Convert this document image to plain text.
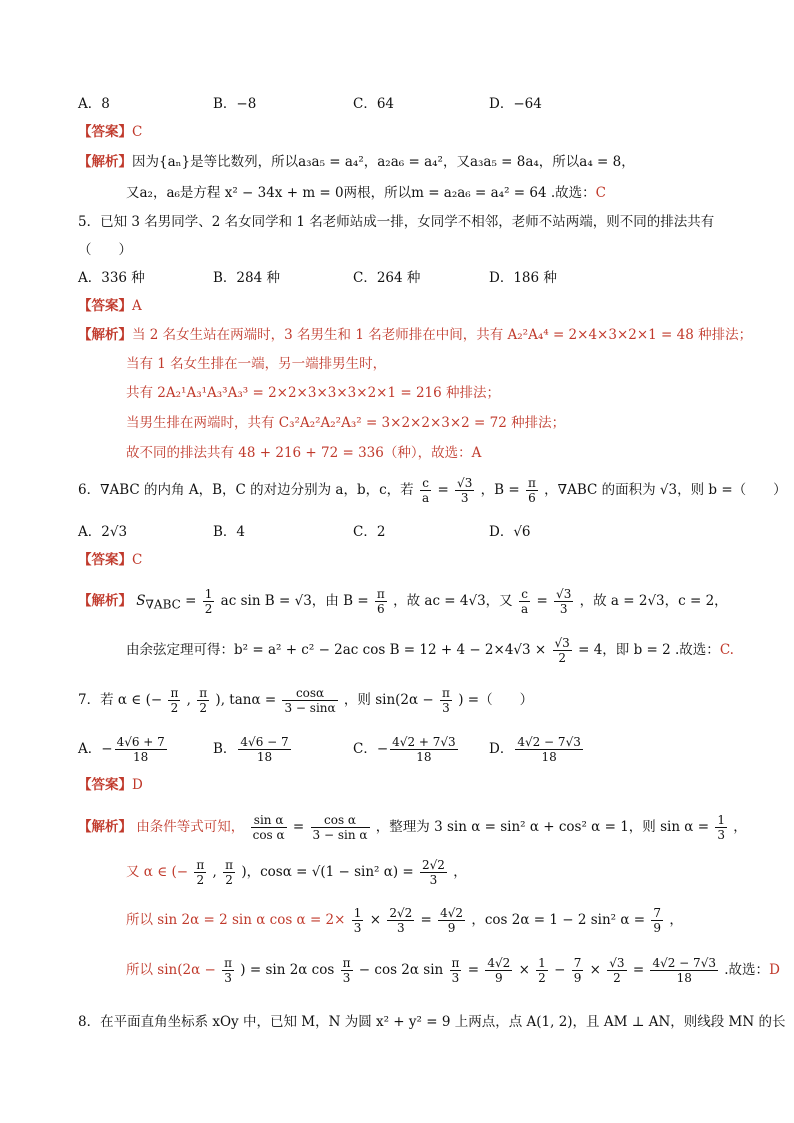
A．8	B．−8	C．64	D．−64
【答案】C
【解析】因为{aₙ}是等比数列，所以a₃a₅ = a₄²，a₂a₆ = a₄²，又a₃a₅ = 8a₄，所以a₄ = 8，
又a₂，a₆是方程 x² − 34x + m = 0两根，所以m = a₂a₆ = a₄² = 64 .故选：C
5．已知 3 名男同学、2 名女同学和 1 名老师站成一排，女同学不相邻，老师不站两端，则不同的排法共有
（　　）
A．336 种	B．284 种	C．264 种	D．186 种
【答案】A
【解析】当 2 名女生站在两端时，3 名男生和 1 名老师排在中间，共有 A₂²A₄⁴ = 2×4×3×2×1 = 48 种排法；
当有 1 名女生排在一端，另一端排男生时，
共有 2A₂¹A₃¹A₃³A₃³ = 2×2×3×3×3×2×1 = 216 种排法；
当男生排在两端时，共有 C₃²A₂²A₂²A₃² = 3×2×2×3×2 = 72 种排法；
故不同的排法共有 48 + 216 + 72 = 336（种），故选：A
6．∇ABC 的内角 A，B，C 的对边分别为 a，b，c，若 $\frac{c}{a} = \frac{√3}{3}$ ，$B = \frac{\pi}{6}$ ，∇ABC 的面积为 √3，则 b =（　　）
A．2√3	B．4	C．2	D．√6
【答案】C
【解析】 $S_{\nabla ABC} = \frac{1}{2}$ ac sin B = √3，由 $B = \frac{\pi}{6}$ ，故 ac = 4√3，又 $\frac{c}{a} = \frac{√3}{3}$ ，故 a = 2√3，c = 2，
由余弦定理可得：b² = a² + c² − 2ac $\cos B = 12 + 4 - 2\times 4√3 \times \frac{√3}{2} = 4$，即 b = 2 .故选：C.
7．若 α ∈ (− $\frac{\pi}{2}$ , $\frac{\pi}{2}$ ), $\tan\alpha = \frac{\cos\alpha}{3 - \sin\alpha}$ ，则 $\sin(2\alpha - \frac{\pi}{3}$ ) =（　　）
A．− $\frac{4√6 + 7}{18}$	B． $\frac{4√6 - 7}{18}$	C．− $\frac{4√2 + 7√3}{18}$ D． $\frac{4√2 - 7√3}{18}$
【答案】D
【解析】 由条件等式可知， $\frac{\text{sin α}}{\text{cos α}} = \frac{\text{cos α}}{\text{3 − sin α}}$ ，整理为 3 sin α = sin² α + cos² α = 1，则 $\sin \alpha = \frac{1}{3}$ ，
又 α ∈ (− $\frac{\pi}{2}$ , $\frac{\pi}{2}$ )，cosα = √(1 − sin² $\alpha) = \frac{2√2}{3}$ ，
所以 sin 2α = 2 sin α $\cos \alpha = 2\times \frac{1}{3} \times \frac{2√2}{3} = \frac{4√2}{9}$ ，cos 2α = 1 − 2 sin² $\alpha = \frac{7}{9}$ ，
所以 $\sin(2\alpha - \frac{\pi}{3}$ ) = sin 2α $\cos \frac{\pi}{3} - \cos 2\alpha$ $\sin \frac{\pi}{3} = \frac{4√2}{9} \times \frac{1}{2} - \frac{7}{9} \times \frac{√3}{2} = \frac{4√2 - 7√3}{18}$ .故选：D
8．在平面直角坐标系 xOy 中，已知 M，N 为圆 x² + y² = 9 上两点，点 A(1, 2)，且 AM ⊥ AN，则线段 MN 的长
